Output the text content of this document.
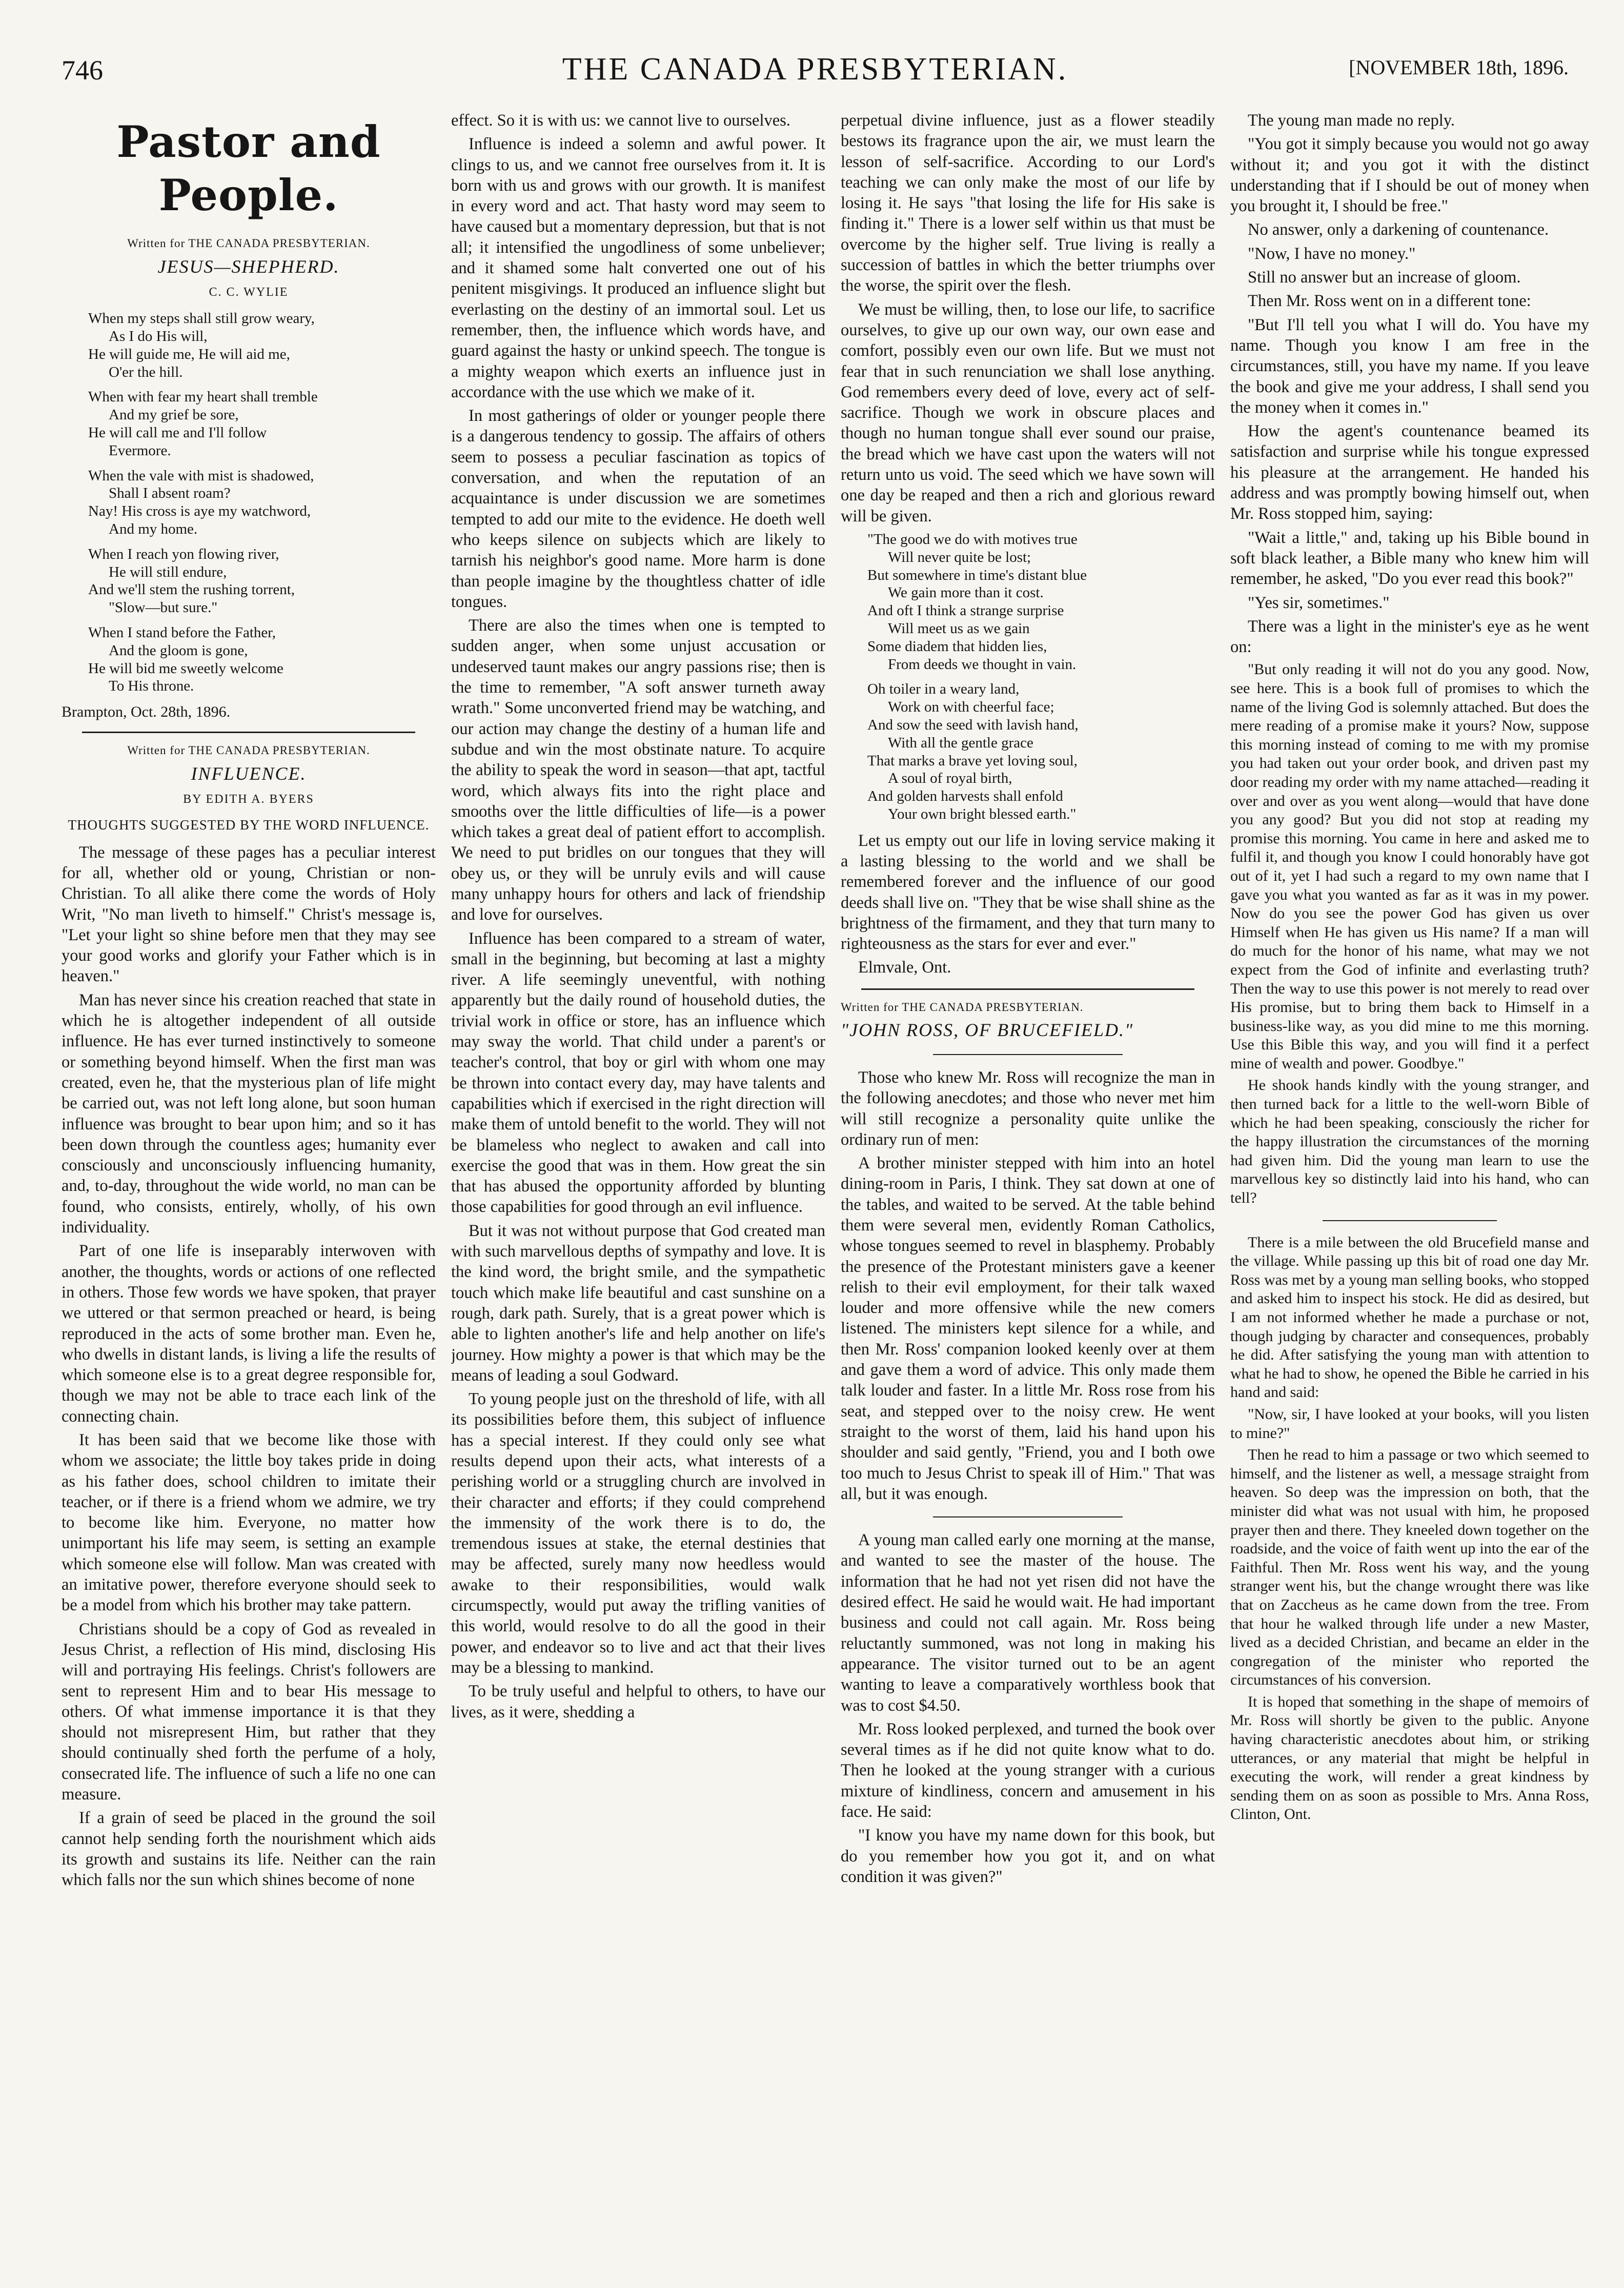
746	THE CANADA PRESBYTERIAN.	[NOVEMBER 18th, 1896.
Pastor and People.
Written for THE CANADA PRESBYTERIAN.
JESUS—SHEPHERD.
C. C. WYLIE
When my steps shall still grow weary,
As I do His will,
He will guide me, He will aid me,
O'er the hill.
When with fear my heart shall tremble
And my grief be sore,
He will call me and I'll follow
Evermore.
When the vale with mist is shadowed,
Shall I absent roam?
Nay! His cross is aye my watchword,
And my home.
When I reach yon flowing river,
He will still endure,
And we'll stem the rushing torrent,
"Slow—but sure."
When I stand before the Father,
And the gloom is gone,
He will bid me sweetly welcome
To His throne.
Brampton, Oct. 28th, 1896.
Written for THE CANADA PRESBYTERIAN.
INFLUENCE.
BY EDITH A. BYERS
THOUGHTS SUGGESTED BY THE WORD INFLUENCE.

The message of these pages has a peculiar interest for all, whether old or young, Christian or non-Christian. To all alike there come the words of Holy Writ, "No man liveth to himself." Christ's message is, "Let your light so shine before men that they may see your good works and glorify your Father which is in heaven."

Man has never since his creation reached that state in which he is altogether independent of all outside influence. He has ever turned instinctively to someone or something beyond himself. When the first man was created, even he, that the mysterious plan of life might be carried out, was not left long alone, but soon human influence was brought to bear upon him; and so it has been down through the countless ages; humanity ever consciously and unconsciously influencing humanity, and, to-day, throughout the wide world, no man can be found, who consists, entirely, wholly, of his own individuality.

Part of one life is inseparably interwoven with another, the thoughts, words or actions of one reflected in others. Those few words we have spoken, that prayer we uttered or that sermon preached or heard, is being reproduced in the acts of some brother man. Even he, who dwells in distant lands, is living a life the results of which someone else is to a great degree responsible for, though we may not be able to trace each link of the connecting chain.

It has been said that we become like those with whom we associate; the little boy takes pride in doing as his father does, school children to imitate their teacher, or if there is a friend whom we admire, we try to become like him. Everyone, no matter how unimportant his life may seem, is setting an example which someone else will follow. Man was created with an imitative power, therefore everyone should seek to be a model from which his brother may take pattern.

Christians should be a copy of God as revealed in Jesus Christ, a reflection of His mind, disclosing His will and portraying His feelings. Christ's followers are sent to represent Him and to bear His message to others. Of what immense importance it is that they should not misrepresent Him, but rather that they should continually shed forth the perfume of a holy, consecrated life. The influence of such a life no one can measure.

If a grain of seed be placed in the ground the soil cannot help sending forth the nourishment which aids its growth and sustains its life. Neither can the rain which falls nor the sun which shines become of none

effect. So it is with us: we cannot live to ourselves.

Influence is indeed a solemn and awful power. It clings to us, and we cannot free ourselves from it. It is born with us and grows with our growth. It is manifest in every word and act. That hasty word may seem to have caused but a momentary depression, but that is not all; it intensified the ungodliness of some unbeliever; and it shamed some halt converted one out of his penitent misgivings. It produced an influence slight but everlasting on the destiny of an immortal soul. Let us remember, then, the influence which words have, and guard against the hasty or unkind speech. The tongue is a mighty weapon which exerts an influence just in accordance with the use which we make of it.

In most gatherings of older or younger people there is a dangerous tendency to gossip. The affairs of others seem to possess a peculiar fascination as topics of conversation, and when the reputation of an acquaintance is under discussion we are sometimes tempted to add our mite to the evidence. He doeth well who keeps silence on subjects which are likely to tarnish his neighbor's good name. More harm is done than people imagine by the thoughtless chatter of idle tongues.

There are also the times when one is tempted to sudden anger, when some unjust accusation or undeserved taunt makes our angry passions rise; then is the time to remember, "A soft answer turneth away wrath." Some unconverted friend may be watching, and our action may change the destiny of a human life and subdue and win the most obstinate nature. To acquire the ability to speak the word in season—that apt, tactful word, which always fits into the right place and smooths over the little difficulties of life—is a power which takes a great deal of patient effort to accomplish. We need to put bridles on our tongues that they will obey us, or they will be unruly evils and will cause many unhappy hours for others and lack of friendship and love for ourselves.

Influence has been compared to a stream of water, small in the beginning, but becoming at last a mighty river. A life seemingly uneventful, with nothing apparently but the daily round of household duties, the trivial work in office or store, has an influence which may sway the world. That child under a parent's or teacher's control, that boy or girl with whom one may be thrown into contact every day, may have talents and capabilities which if exercised in the right direction will make them of untold benefit to the world. They will not be blameless who neglect to awaken and call into exercise the good that was in them. How great the sin that has abused the opportunity afforded by blunting those capabilities for good through an evil influence.

But it was not without purpose that God created man with such marvellous depths of sympathy and love. It is the kind word, the bright smile, and the sympathetic touch which make life beautiful and cast sunshine on a rough, dark path. Surely, that is a great power which is able to lighten another's life and help another on life's journey. How mighty a power is that which may be the means of leading a soul Godward.

To young people just on the threshold of life, with all its possibilities before them, this subject of influence has a special interest. If they could only see what results depend upon their acts, what interests of a perishing world or a struggling church are involved in their character and efforts; if they could comprehend the immensity of the work there is to do, the tremendous issues at stake, the eternal destinies that may be affected, surely many now heedless would awake to their responsibilities, would walk circumspectly, would put away the trifling vanities of this world, would resolve to do all the good in their power, and endeavor so to live and act that their lives may be a blessing to mankind.

To be truly useful and helpful to others, to have our lives, as it were, shedding a

perpetual divine influence, just as a flower steadily bestows its fragrance upon the air, we must learn the lesson of self-sacrifice. According to our Lord's teaching we can only make the most of our life by losing it. He says "that losing the life for His sake is finding it." There is a lower self within us that must be overcome by the higher self. True living is really a succession of battles in which the better triumphs over the worse, the spirit over the flesh.

We must be willing, then, to lose our life, to sacrifice ourselves, to give up our own way, our own ease and comfort, possibly even our own life. But we must not fear that in such renunciation we shall lose anything. God remembers every deed of love, every act of self-sacrifice. Though we work in obscure places and though no human tongue shall ever sound our praise, the bread which we have cast upon the waters will not return unto us void. The seed which we have sown will one day be reaped and then a rich and glorious reward will be given.

"The good we do with motives true
Will never quite be lost;
But somewhere in time's distant blue
We gain more than it cost.
And oft I think a strange surprise
Will meet us as we gain
Some diadem that hidden lies,
From deeds we thought in vain.
Oh toiler in a weary land,
Work on with cheerful face;
And sow the seed with lavish hand,
With all the gentle grace
That marks a brave yet loving soul,
A soul of royal birth,
And golden harvests shall enfold
Your own bright blessed earth."

Let us empty out our life in loving service making it a lasting blessing to the world and we shall be remembered forever and the influence of our good deeds shall live on. "They that be wise shall shine as the brightness of the firmament, and they that turn many to righteousness as the stars for ever and ever."

Elmvale, Ont.

Written for THE CANADA PRESBYTERIAN.
"JOHN ROSS, OF BRUCEFIELD."

Those who knew Mr. Ross will recognize the man in the following anecdotes; and those who never met him will still recognize a personality quite unlike the ordinary run of men:

A brother minister stepped with him into an hotel dining-room in Paris, I think. They sat down at one of the tables, and waited to be served. At the table behind them were several men, evidently Roman Catholics, whose tongues seemed to revel in blasphemy. Probably the presence of the Protestant ministers gave a keener relish to their evil employment, for their talk waxed louder and more offensive while the new comers listened. The ministers kept silence for a while, and then Mr. Ross' companion looked keenly over at them and gave them a word of advice. This only made them talk louder and faster. In a little Mr. Ross rose from his seat, and stepped over to the noisy crew. He went straight to the worst of them, laid his hand upon his shoulder and said gently, "Friend, you and I both owe too much to Jesus Christ to speak ill of Him." That was all, but it was enough.

A young man called early one morning at the manse, and wanted to see the master of the house. The information that he had not yet risen did not have the desired effect. He said he would wait. He had important business and could not call again. Mr. Ross being reluctantly summoned, was not long in making his appearance. The visitor turned out to be an agent wanting to leave a comparatively worthless book that was to cost $4.50.

Mr. Ross looked perplexed, and turned the book over several times as if he did not quite know what to do. Then he looked at the young stranger with a curious mixture of kindliness, concern and amusement in his face. He said:

"I know you have my name down for this book, but do you remember how you got it, and on what condition it was given?"

The young man made no reply.

"You got it simply because you would not go away without it; and you got it with the distinct understanding that if I should be out of money when you brought it, I should be free."

No answer, only a darkening of countenance.

"Now, I have no money."

Still no answer but an increase of gloom.

Then Mr. Ross went on in a different tone:

"But I'll tell you what I will do. You have my name. Though you know I am free in the circumstances, still, you have my name. If you leave the book and give me your address, I shall send you the money when it comes in."

How the agent's countenance beamed its satisfaction and surprise while his tongue expressed his pleasure at the arrangement. He handed his address and was promptly bowing himself out, when Mr. Ross stopped him, saying:

"Wait a little," and, taking up his Bible bound in soft black leather, a Bible many who knew him will remember, he asked, "Do you ever read this book?"

"Yes sir, sometimes."

There was a light in the minister's eye as he went on:

"But only reading it will not do you any good. Now, see here. This is a book full of promises to which the name of the living God is solemnly attached. But does the mere reading of a promise make it yours? Now, suppose this morning instead of coming to me with my promise you had taken out your order book, and driven past my door reading my order with my name attached—reading it over and over as you went along—would that have done you any good? But you did not stop at reading my promise this morning. You came in here and asked me to fulfil it, and though you know I could honorably have got out of it, yet I had such a regard to my own name that I gave you what you wanted as far as it was in my power. Now do you see the power God has given us over Himself when He has given us His name? If a man will do much for the honor of his name, what may we not expect from the God of infinite and everlasting truth? Then the way to use this power is not merely to read over His promise, but to bring them back to Himself in a business-like way, as you did mine to me this morning. Use this Bible this way, and you will find it a perfect mine of wealth and power. Goodbye."

He shook hands kindly with the young stranger, and then turned back for a little to the well-worn Bible of which he had been speaking, consciously the richer for the happy illustration the circumstances of the morning had given him. Did the young man learn to use the marvellous key so distinctly laid into his hand, who can tell?

There is a mile between the old Brucefield manse and the village. While passing up this bit of road one day Mr. Ross was met by a young man selling books, who stopped and asked him to inspect his stock. He did as desired, but I am not informed whether he made a purchase or not, though judging by character and consequences, probably he did. After satisfying the young man with attention to what he had to show, he opened the Bible he carried in his hand and said:

"Now, sir, I have looked at your books, will you listen to mine?"

Then he read to him a passage or two which seemed to himself, and the listener as well, a message straight from heaven. So deep was the impression on both, that the minister did what was not usual with him, he proposed prayer then and there. They kneeled down together on the roadside, and the voice of faith went up into the ear of the Faithful. Then Mr. Ross went his way, and the young stranger went his, but the change wrought there was like that on Zaccheus as he came down from the tree. From that hour he walked through life under a new Master, lived as a decided Christian, and became an elder in the congregation of the minister who reported the circumstances of his conversion.

It is hoped that something in the shape of memoirs of Mr. Ross will shortly be given to the public. Anyone having characteristic anecdotes about him, or striking utterances, or any material that might be helpful in executing the work, will render a great kindness by sending them on as soon as possible to Mrs. Anna Ross, Clinton, Ont.
